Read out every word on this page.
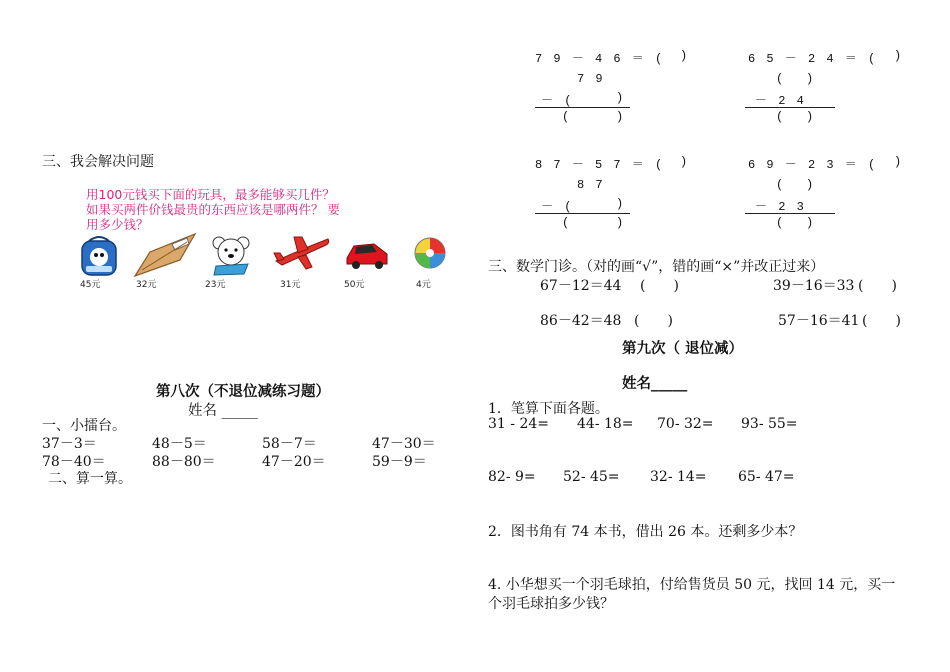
三、我会解决问题
用100元钱买下面的玩具，最多能够买几件？
如果买两件价钱最贵的东西应该是哪两件？ 要
用多少钱？
45元	32元	23元	31元	50元	4元
第八次（不退位减练习题）
姓名 _____
一、小擂台。
37－3＝	48－5＝	58－7＝	47－30＝
78－40＝	88－80＝	47－20＝	59－9＝
二、算一算。
7 9 － 4 6 ＝ ( )
7 9
－ (	)
(	)
6 5 － 2 4 ＝ ( )
( )
－ 2 4
( )
8 7 － 5 7 ＝ ( )
8 7
－ (	)
(	)
6 9 － 2 3 ＝ ( )
( )
－ 2 3
( )
三、数学门诊。（对的画“√”，错的画“×”并改正过来）
67－12＝44 (　　)	39－16＝33 (　　)
86－42＝48 (　　)	57－16＝41 (　　)
第九次（ 退位减）
姓名_____
1．笔算下面各题。
31 - 24= 44- 18= 70- 32= 93- 55=
82- 9= 52- 45= 32- 14= 65- 47=
2．图书角有 74 本书，借出 26 本。还剩多少本？
4. 小华想买一个羽毛球拍，付给售货员 50 元，找回 14 元，买一
个羽毛球拍多少钱？
